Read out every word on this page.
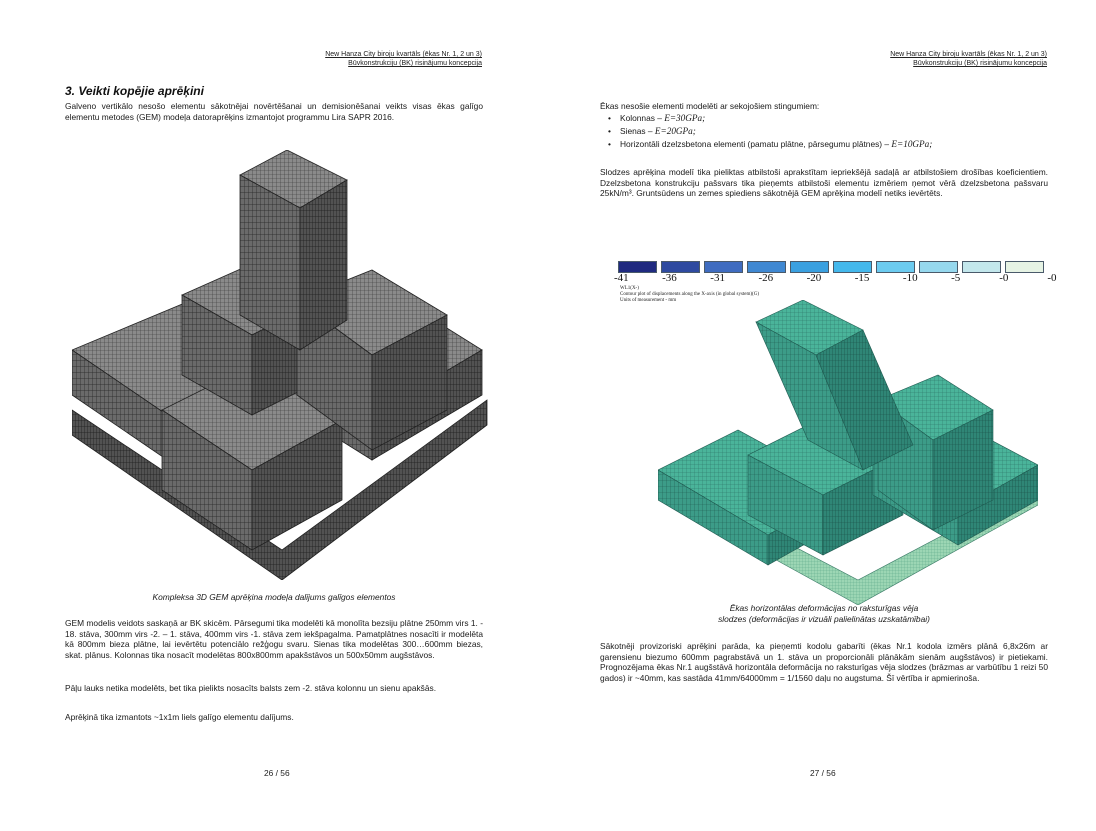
New Hanza City biroju kvartāls (ēkas Nr. 1, 2 un 3)
Būvkonstrukciju (BK) risinājumu koncepcija
3. Veikti kopējie aprēķini

Galveno vertikālo nesošo elementu sākotnējai novērtēšanai un demisionēšanai veikts visas ēkas galīgo elementu metodes (GEM) modeļa datoraprēķins izmantojot programmu Lira SAPR 2016.

Kompleksa 3D GEM aprēķina modeļa dalījums galīgos elementos

GEM modelis veidots saskaņā ar BK skicēm. Pārsegumi tika modelēti kā monolīta bezsiju plātne 250mm virs 1. - 18. stāva, 300mm virs -2. – 1. stāva, 400mm virs -1. stāva zem iekšpagalma. Pamatplātnes nosacīti ir modelēta kā 800mm bieza plātne, lai ievērtētu potenciālo režģogu svaru. Sienas tika modelētas 300…600mm biezas, skat. plānus. Kolonnas tika nosacīt modelētas 800x800mm apakšstāvos un 500x50mm augšstāvos.

Pāļu lauks netika modelēts, bet tika pielikts nosacīts balsts zem -2. stāva kolonnu un sienu apakšās.

Aprēķinā tika izmantots ~1x1m liels galīgo elementu dalījums.

26 / 56
New Hanza City biroju kvartāls (ēkas Nr. 1, 2 un 3)
Būvkonstrukciju (BK) risinājumu koncepcija

Ēkas nesošie elementi modelēti ar sekojošiem stingumiem:

• Kolonnas – E=30GPa;
• Sienas – E=20GPa;
• Horizontāli dzelzsbetona elementi (pamatu plātne, pārsegumu plātnes) – E=10GPa;

Slodzes aprēķina modelī tika pieliktas atbilstoši aprakstītam iepriekšējā sadaļā ar atbilstošiem drošības koeficientiem. Dzelzsbetona konstrukciju pašsvars tika pieņemts atbilstoši elementu izmēriem ņemot vērā dzelzsbetona pašsvaru 25kN/m³. Gruntsūdens un zemes spiediens sākotnējā GEM aprēķina modelī netiks ievērtēts.

-41	-36	-31	-26	-20	-15	-10	-5	-0	-0
WL1(X-)
Contour plot of displacements along the X-axis (in global system)(G)
Units of measurement - mm

Ēkas horizontālas deformācijas no raksturīgas vēja

slodzes (deformācijas ir vizuāli palielinātas uzskatāmībai)

Sākotnēji provizoriski aprēķini parāda, ka pieņemti kodolu gabarīti (ēkas Nr.1 kodola izmērs plānā 6,8x26m ar garensienu biezumo 600mm pagrabstāvā un 1. stāva un proporcionāli plānākām sienām augšstāvos) ir pietiekami. Prognozējama ēkas Nr.1 augšstāvā horizontāla deformācija no raksturīgas vēja slodzes (brāzmas ar varbūtību 1 reizi 50 gados) ir ~40mm, kas sastāda 41mm/64000mm = 1/1560 daļu no augstuma. Šī vērtība ir apmierinoša.

27 / 56
